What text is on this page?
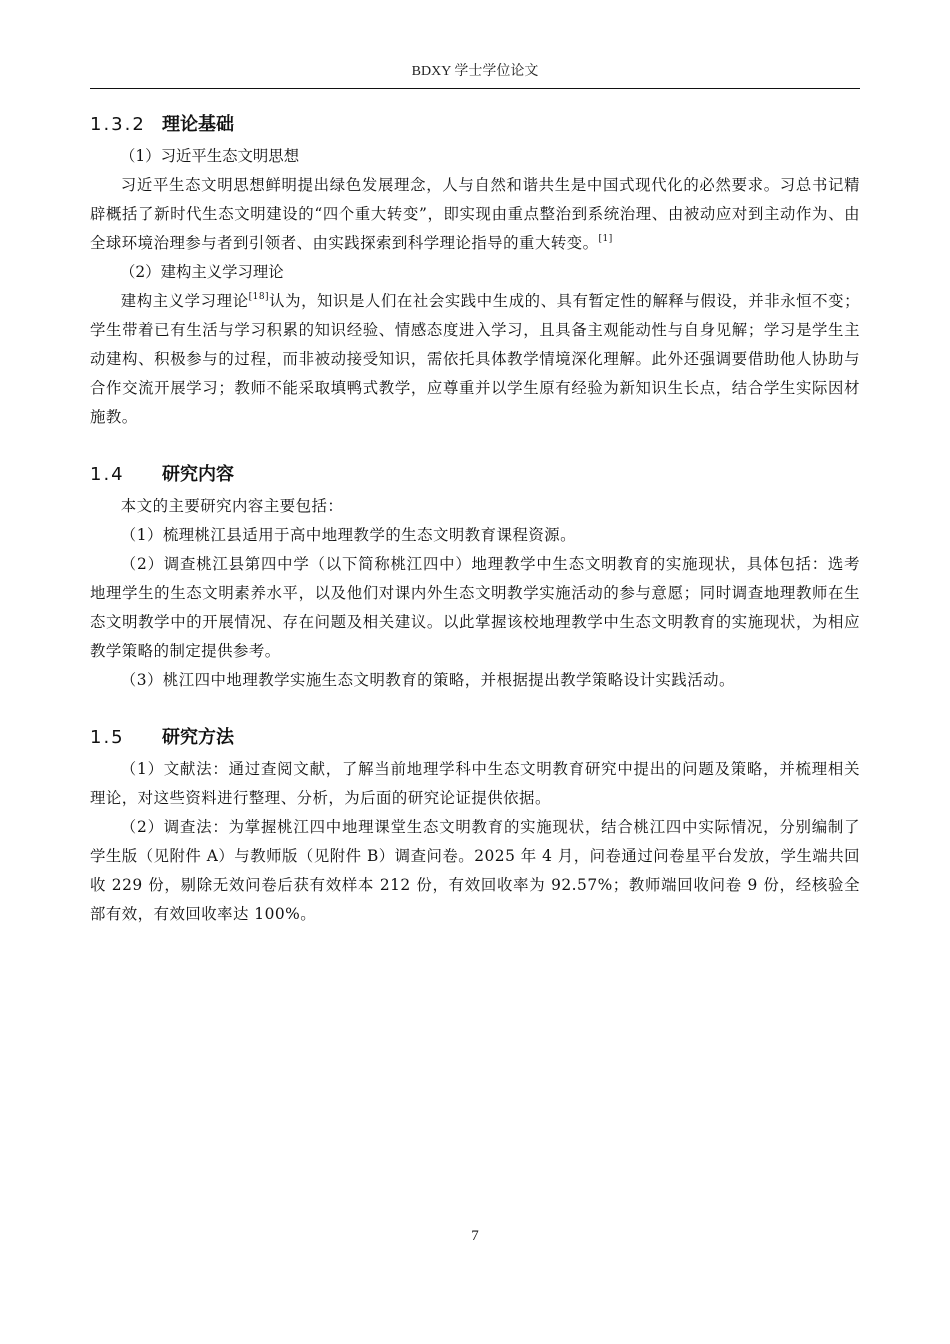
BDXY 学士学位论文
1.3.2 理论基础

（1）习近平生态文明思想

习近平生态文明思想鲜明提出绿色发展理念，人与自然和谐共生是中国式现代化的必然要求。习总书记精辟概括了新时代生态文明建设的“四个重大转变”，即实现由重点整治到系统治理、由被动应对到主动作为、由全球环境治理参与者到引领者、由实践探索到科学理论指导的重大转变。[1]

（2）建构主义学习理论

建构主义学习理论[18]认为，知识是人们在社会实践中生成的、具有暂定性的解释与假设，并非永恒不变；学生带着已有生活与学习积累的知识经验、情感态度进入学习，且具备主观能动性与自身见解；学习是学生主动建构、积极参与的过程，而非被动接受知识，需依托具体教学情境深化理解。此外还强调要借助他人协助与合作交流开展学习；教师不能采取填鸭式教学，应尊重并以学生原有经验为新知识生长点，结合学生实际因材施教。

1.4 研究内容

本文的主要研究内容主要包括：

（1）梳理桃江县适用于高中地理教学的生态文明教育课程资源。

（2）调查桃江县第四中学（以下简称桃江四中）地理教学中生态文明教育的实施现状，具体包括：选考地理学生的生态文明素养水平，以及他们对课内外生态文明教学实施活动的参与意愿；同时调查地理教师在生态文明教学中的开展情况、存在问题及相关建议。以此掌握该校地理教学中生态文明教育的实施现状，为相应教学策略的制定提供参考。

（3）桃江四中地理教学实施生态文明教育的策略，并根据提出教学策略设计实践活动。

1.5 研究方法

（1）文献法：通过查阅文献，了解当前地理学科中生态文明教育研究中提出的问题及策略，并梳理相关理论，对这些资料进行整理、分析，为后面的研究论证提供依据。

（2）调查法：为掌握桃江四中地理课堂生态文明教育的实施现状，结合桃江四中实际情况，分别编制了学生版（见附件 A）与教师版（见附件 B）调查问卷。2025 年 4 月，问卷通过问卷星平台发放，学生端共回收 229 份，剔除无效问卷后获有效样本 212 份，有效回收率为 92.57%；教师端回收问卷 9 份，经核验全部有效，有效回收率达 100%。

7
